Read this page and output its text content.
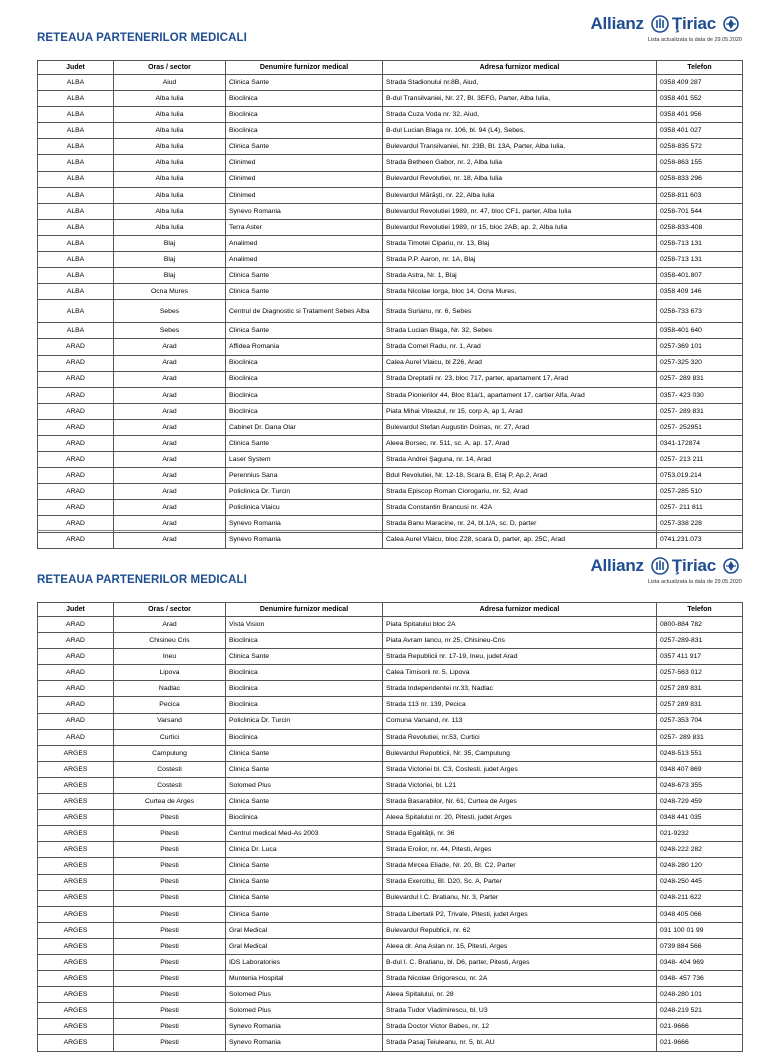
RETEAUA PARTENERILOR MEDICALI
Allianz Ţiriac
Lista actualizata la data de 29.05.2020
Judet	Oras / sector	Denumire furnizor medical	Adresa furnizor medical	Telefon
ALBA	Aiud	Clinica Sante	Strada Stadionului nr.8B, Aiud,	0358 409 287
ALBA	Alba Iulia	Bioclinica	B-dul Transilvaniei, Nr. 27, Bl. 3EFG, Parter, Alba Iulia,	0358 401 552
ALBA	Alba Iulia	Bioclinica	Strada Cuza Voda nr. 32, Aiud,	0358 401 956
ALBA	Alba Iulia	Bioclinica	B-dul Lucian Blaga nr. 106, bl. 94 (L4), Sebes,	0358 401 027
ALBA	Alba Iulia	Clinica Sante	Bulevardul Transilvaniei, Nr. 23B, Bl. 13A, Parter, Alba Iulia,	0258-835 572
ALBA	Alba Iulia	Clinimed	Strada Betheen Gabor, nr. 2, Alba Iulia	0258-863 155
ALBA	Alba Iulia	Clinimed	Bulevardul Revolutiei, nr. 18, Alba Iulia	0258-833 296
ALBA	Alba Iulia	Clinimed	Bulevardul Mărăşti, nr. 22, Alba Iulia	0258-811 603
ALBA	Alba Iulia	Synevo Romania	Bulevardul Revolutiei 1989, nr. 47, bloc CF1, parter, Alba Iulia	0258-701 544
ALBA	Alba Iulia	Terra Aster	Bulevardul Revolutiei 1989, nr 15, bloc 2AB, ap. 2, Alba Iulia	0258-833-408
ALBA	Blaj	Analimed	Strada Timotei Cipariu, nr. 13, Blaj	0258-713 131
ALBA	Blaj	Analimed	Strada P.P. Aaron, nr. 1A, Blaj	0258-713 131
ALBA	Blaj	Clinica Sante	Strada Astra, Nr. 1, Blaj	0358-401.807
ALBA	Ocna Mures	Clinica Sante	Strada Nicolae Iorga, bloc 14, Ocna Mures,	0358 409 146
ALBA	Sebes	Centrul de Diagnostic si Tratament Sebes Alba	Strada Surianu, nr. 6, Sebes	0258-733 673
ALBA	Sebes	Clinica Sante	Strada Lucian Blaga, Nr. 32, Sebes	0358-401 640
ARAD	Arad	Affidea Romania	Strada Cornel Radu, nr. 1, Arad	0257-369 101
ARAD	Arad	Bioclinica	Calea Aurel Vlaicu, bl Z26, Arad	0257-325 320
ARAD	Arad	Bioclinica	Strada Dreptatii nr. 23, bloc 717, parter, apartament 17, Arad	0257- 289 831
ARAD	Arad	Bioclinica	Strada Pionierilor 44, Bloc 81a/1, apartament 17, cartier Alfa, Arad	0357- 423 030
ARAD	Arad	Bioclinica	Piata Mihai Viteazul, nr 15, corp A, ap 1, Arad	0257- 289 831
ARAD	Arad	Cabinet Dr. Dana Olar	Bulevardul Stefan Augustin Doinas, nr. 27, Arad	0257- 252951
ARAD	Arad	Clinica Sante	Aleea Borsec, nr. 511, sc. A, ap. 17, Arad	0341-172874
ARAD	Arad	Laser System	Strada Andrei Şaguna, nr. 14, Arad	0257- 213 211
ARAD	Arad	Perennius Sana	Bdul Revolutiei, Nr. 12-18, Scara B, Etaj P, Ap.2, Arad	0753.019.214
ARAD	Arad	Policlinica Dr. Turcin	Strada Episcop Roman Ciorogariu, nr. 52, Arad	0257-285 510
ARAD	Arad	Policlinica Vlaicu	Strada Constantin Brancusi nr. 42A	0257- 211 811
ARAD	Arad	Synevo Romania	Strada Banu Maracine, nr. 24, bl.1/A, sc. D, parter	0257-338 228
ARAD	Arad	Synevo Romania	Calea Aurel Vlaicu, bloc Z28, scara D, parter, ap. 25C, Arad	0741.231.073
RETEAUA PARTENERILOR MEDICALI
Allianz Ţiriac
Lista actualizata la data de 29.05.2020
Judet	Oras / sector	Denumire furnizor medical	Adresa furnizor medical	Telefon
ARAD	Arad	Vista Vision	Piata Spitalului bloc 2A	0800-884 782
ARAD	Chisineu Cris	Bioclinica	Piata Avram Iancu, nr 25, Chisineu-Cris	0257-289-831
ARAD	Ineu	Clinica Sante	Strada Republicii nr. 17-19, Ineu, judet Arad	0357 411 917
ARAD	Lipova	Bioclinica	Calea Timisorii nr. 5, Lipova	0257-563 012
ARAD	Nadlac	Bioclinica	Strada Independentei nr.33, Nadlac	0257 289 831
ARAD	Pecica	Bioclinica	Strada 113 nr. 139, Pecica	0257 289 831
ARAD	Varsand	Policlinica Dr. Turcin	Comuna Varsand, nr. 113	0257-353 704
ARAD	Curtici	Bioclinica	Strada Revolutiei, nr.53, Curtici	0257- 289 831
ARGES	Campulung	Clinica Sante	Bulevardul Republicii, Nr. 35, Campulung	0248-513 551
ARGES	Costesti	Clinica Sante	Strada Victoriei bl. C3, Costesti, judet Arges	0348 407 869
ARGES	Costesti	Solomed Plus	Strada Victoriei, bl. L21	0248-673 355
ARGES	Curtea de Arges	Clinica Sante	Strada Basarabilor, Nr. 61, Curtea de Arges	0248-729 459
ARGES	Pitesti	Bioclinica	Aleea Spitalului nr. 20, Pitesti, judet Arges	0348 441 035
ARGES	Pitesti	Centrul medical Med-As 2003	Strada Egalităţii, nr. 36	021-9232
ARGES	Pitesti	Clinica Dr. Luca	Strada Eroilor, nr. 44, Pitesti, Arges	0248-222 282
ARGES	Pitesti	Clinica Sante	Strada Mircea Eliade, Nr. 20, Bl. C2, Parter	0248-280 120
ARGES	Pitesti	Clinica Sante	Strada Exercitiu, Bl. D20, Sc. A, Parter	0248-250 445
ARGES	Pitesti	Clinica Sante	Bulevardul I.C. Bratianu, Nr. 3, Parter	0248-211 622
ARGES	Pitesti	Clinica Sante	Strada Libertatii P2, Trivale, Pitesti, judet Arges	0348 405 066
ARGES	Pitesti	Gral Medical	Bulevardul Republicii, nr. 62	031 100 01 99
ARGES	Pitesti	Gral Medical	Aleea dr. Ana Aslan nr. 15, Pitesti, Arges	0739 884 566
ARGES	Pitesti	IDS Laboratories	B-dul I. C. Bratianu, bl. D6, parter, Pitesti, Arges	0348- 404 969
ARGES	Pitesti	Muntenia Hospital	Strada Nicolae Grigorescu, nr. 2A	0348- 457 736
ARGES	Pitesti	Solomed Plus	Aleea Spitalului, nr. 28	0248-280 101
ARGES	Pitesti	Solomed Plus	Strada Tudor Vladimirescu, bl. U3	0248-219 521
ARGES	Pitesti	Synevo Romania	Strada Doctor Victor Babes, nr. 12	021-9666
ARGES	Pitesti	Synevo Romania	Strada Pasaj Teiuleanu, nr. 5, bl. AU	021-9666
